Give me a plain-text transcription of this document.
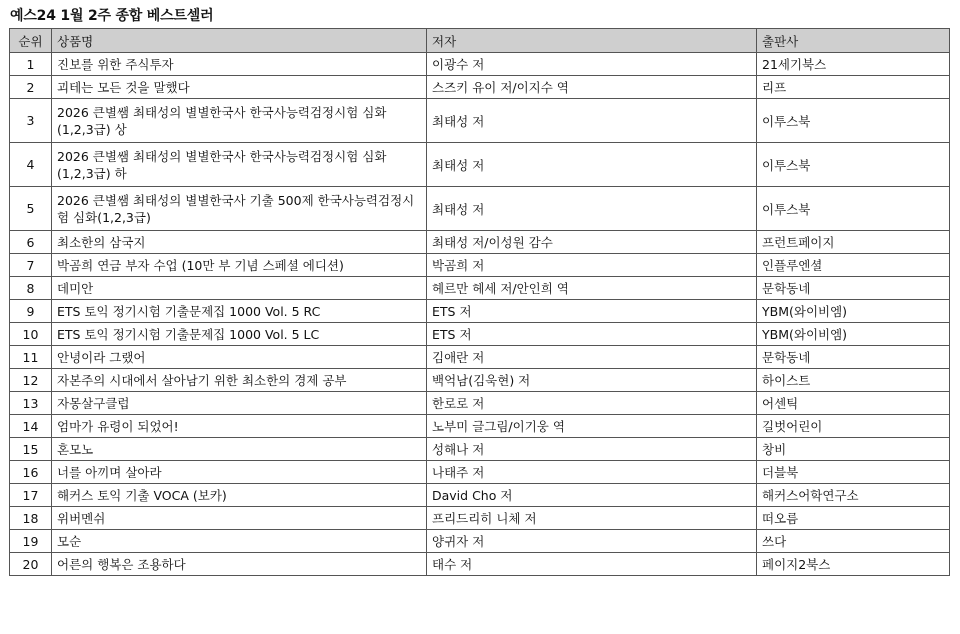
예스24 1월 2주 종합 베스트셀러
순위	상품명	저자	출판사
1	진보를 위한 주식투자	이광수 저	21세기북스
2	괴테는 모든 것을 말했다	스즈키 유이 저/이지수 역	리프
3	2026 큰별쌤 최태성의 별별한국사 한국사능력검정시험 심화(1,2,3급) 상	최태성 저	이투스북
4	2026 큰별쌤 최태성의 별별한국사 한국사능력검정시험 심화(1,2,3급) 하	최태성 저	이투스북
5	2026 큰별쌤 최태성의 별별한국사 기출 500제 한국사능력검정시험 심화(1,2,3급)	최태성 저	이투스북
6	최소한의 삼국지	최태성 저/이성원 감수	프런트페이지
7	박곰희 연금 부자 수업 (10만 부 기념 스페셜 에디션)	박곰희 저	인플루엔셜
8	데미안	헤르만 헤세 저/안인희 역	문학동네
9	ETS 토익 정기시험 기출문제집 1000 Vol. 5 RC	ETS 저	YBM(와이비엠)
10	ETS 토익 정기시험 기출문제집 1000 Vol. 5 LC	ETS 저	YBM(와이비엠)
11	안녕이라 그랬어	김애란 저	문학동네
12	자본주의 시대에서 살아남기 위한 최소한의 경제 공부	백억남(김욱현) 저	하이스트
13	자몽살구클럽	한로로 저	어센틱
14	엄마가 유령이 되었어!	노부미 글그림/이기웅 역	길벗어린이
15	혼모노	성해나 저	창비
16	너를 아끼며 살아라	나태주 저	더블북
17	해커스 토익 기출 VOCA (보카)	David Cho 저	해커스어학연구소
18	위버멘쉬	프리드리히 니체 저	떠오름
19	모순	양귀자 저	쓰다
20	어른의 행복은 조용하다	태수 저	페이지2북스
